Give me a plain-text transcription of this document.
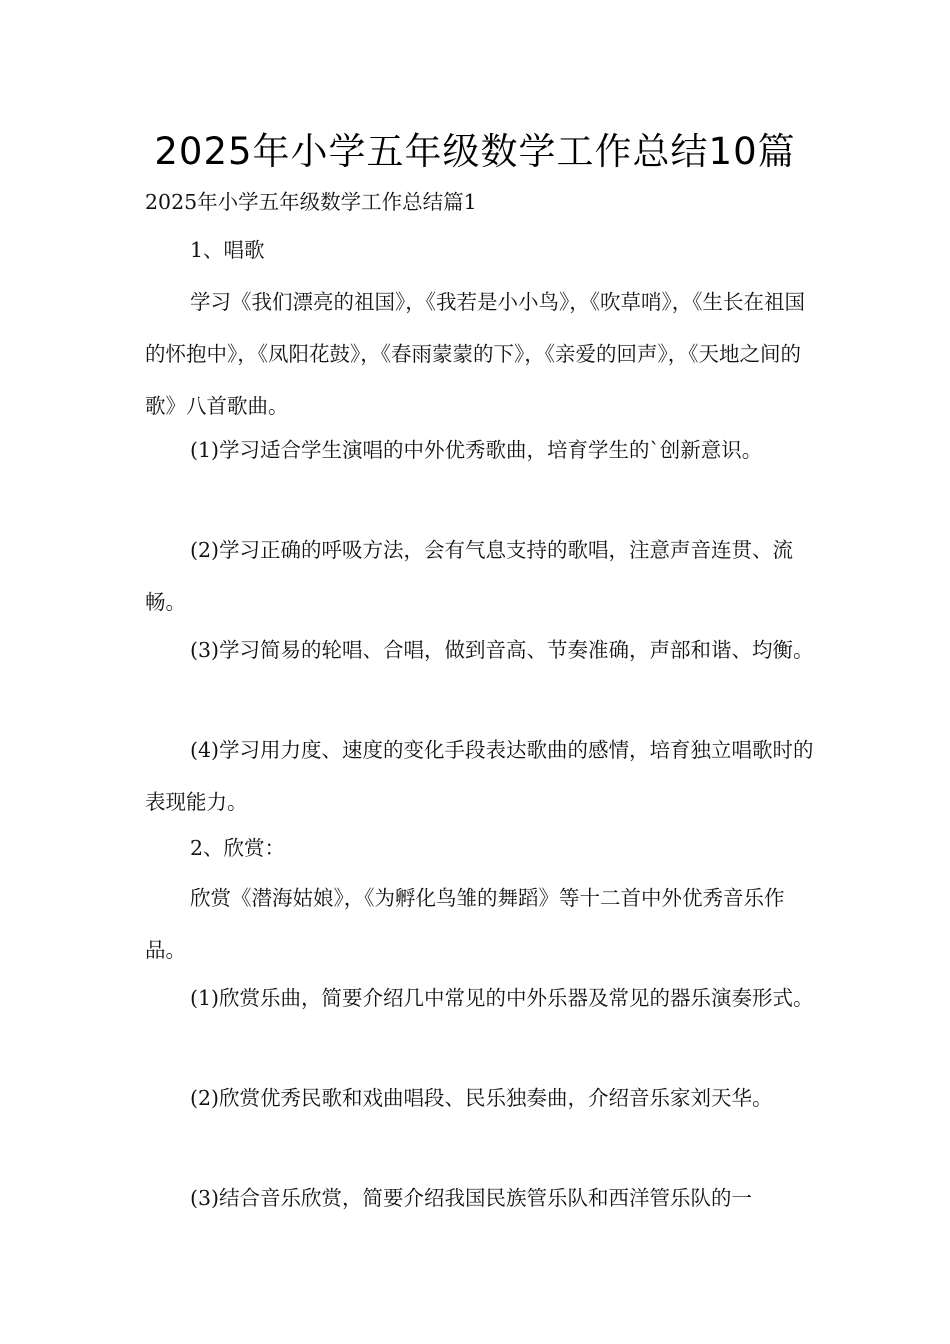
2025年小学五年级数学工作总结10篇

2025年小学五年级数学工作总结篇1

1、唱歌

学习《我们漂亮的祖国》，《我若是小小鸟》，《吹草哨》，《生长在祖国的怀抱中》，《凤阳花鼓》，《春雨蒙蒙的下》，《亲爱的回声》，《天地之间的歌》八首歌曲。

(1)学习适合学生演唱的中外优秀歌曲，培育学生的`创新意识。

(2)学习正确的呼吸方法，会有气息支持的歌唱，注意声音连贯、流畅。

(3)学习简易的轮唱、合唱，做到音高、节奏准确，声部和谐、均衡。

(4)学习用力度、速度的变化手段表达歌曲的感情，培育独立唱歌时的表现能力。

2、欣赏：

欣赏《潜海姑娘》，《为孵化鸟雏的舞蹈》等十二首中外优秀音乐作品。

(1)欣赏乐曲，简要介绍几中常见的中外乐器及常见的器乐演奏形式。

(2)欣赏优秀民歌和戏曲唱段、民乐独奏曲，介绍音乐家刘天华。

(3)结合音乐欣赏，简要介绍我国民族管乐队和西洋管乐队的一
